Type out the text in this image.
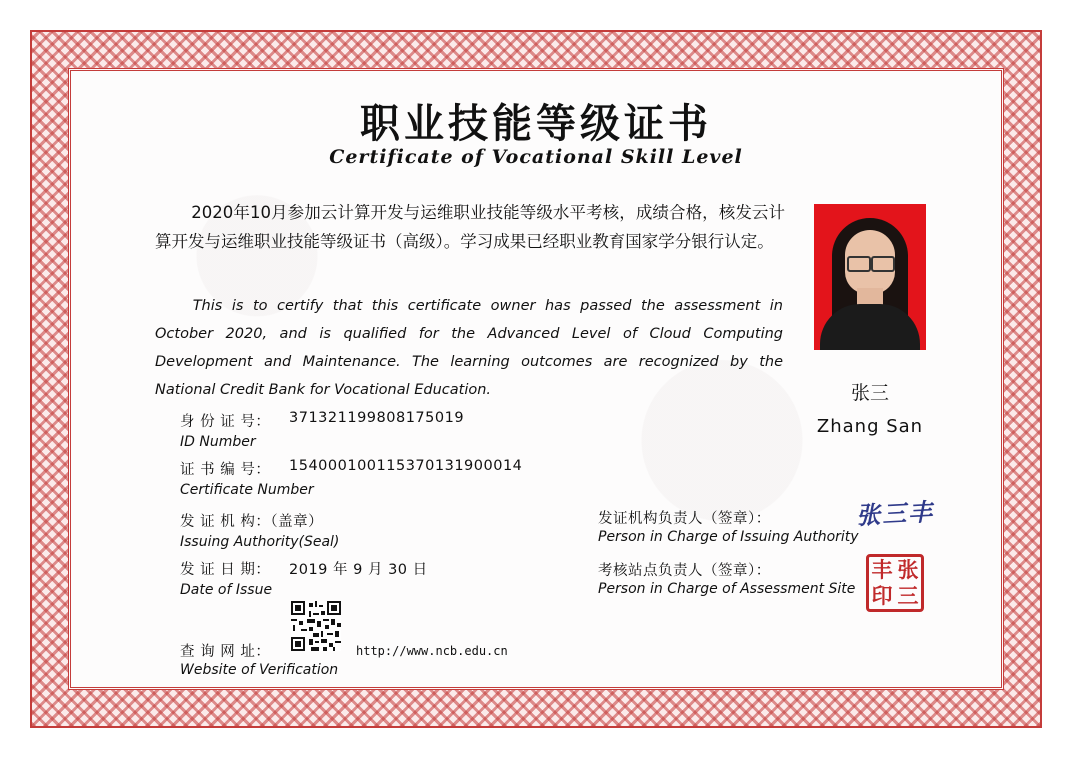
职业技能等级证书
Certificate of Vocational Skill Level
2020年10月参加云计算开发与运维职业技能等级水平考核，成绩合格，核发云计算开发与运维职业技能等级证书（高级）。学习成果已经职业教育国家学分银行认定。
This is to certify that this certificate owner has passed the assessment in October 2020, and is qualified for the Advanced Level of Cloud Computing Development and Maintenance. The learning outcomes are recognized by the National Credit Bank for Vocational Education.	张三
Zhang San
身 份 证 号： 371321199808175019
ID Number
证 书 编 号： 15400010011537013190​0014
Certificate Number
发 证 机 构：（盖章）
Issuing Authority(Seal)
发 证 日 期： 2019 年 9 月 30 日
Date of Issue
查 询 网 址：	http://www.ncb.edu.cn
Website of Verification
发证机构负责人（签章）：
Person in Charge of Issuing Authority
张三丰
考核站点负责人（签章）：
Person in Charge of Assessment Site
丰 张
印 三
